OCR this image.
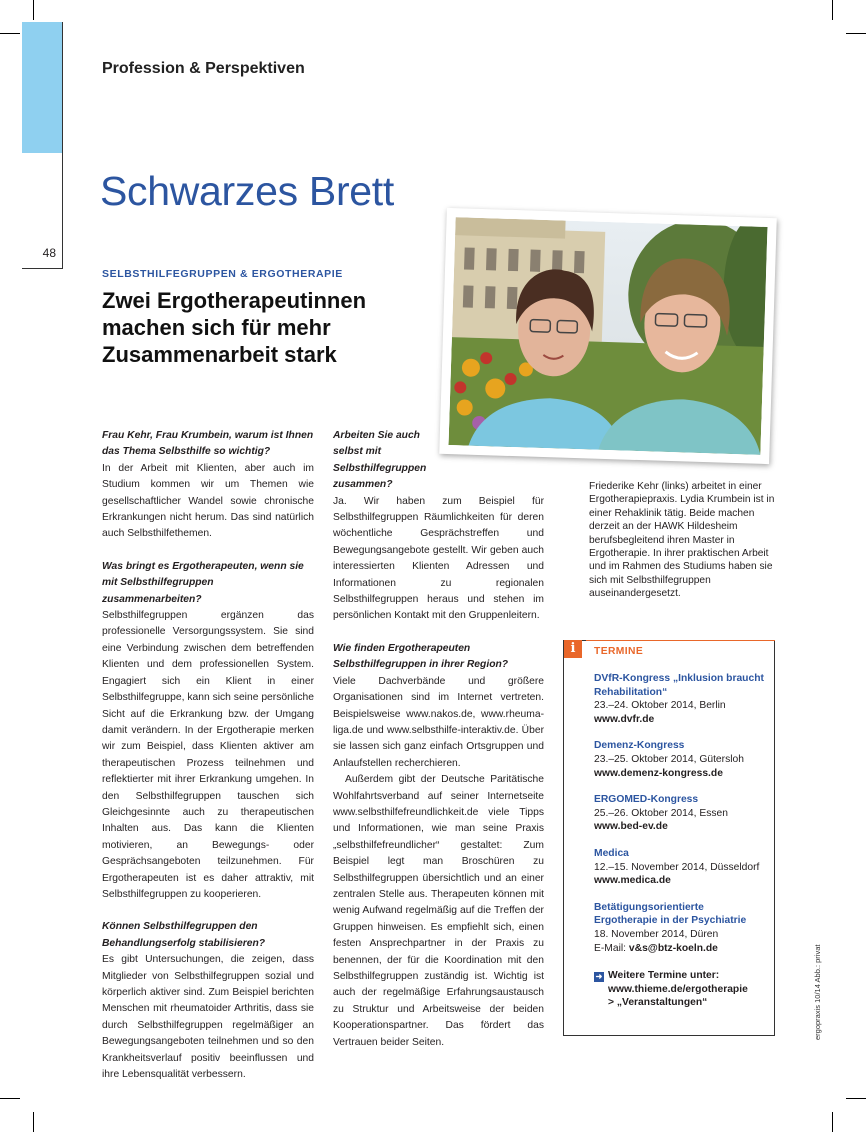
48
Profession & Perspektiven
Schwarzes Brett
SELBSTHILFEGRUPPEN & ERGOTHERAPIE
Zwei Ergotherapeutinnen machen sich für mehr Zusammenarbeit stark

Friederike Kehr (links) arbeitet in einer Ergotherapiepraxis. Lydia Krumbein ist in einer Rehaklinik tätig. Beide machen derzeit an der HAWK Hildesheim berufsbegleitend ihren Master in Ergotherapie. In ihrer praktischen Arbeit und im Rahmen des Studiums haben sie sich mit Selbsthilfegruppen auseinandergesetzt.

Frau Kehr, Frau Krumbein, warum ist Ihnen das Thema Selbsthilfe so wichtig?

In der Arbeit mit Klienten, aber auch im Studium kommen wir um Themen wie gesellschaftlicher Wandel sowie chronische Erkrankungen nicht herum. Das sind natürlich auch Selbsthilfethemen.

Was bringt es Ergotherapeuten, wenn sie mit Selbsthilfegruppen zusammenarbeiten?

Selbsthilfegruppen ergänzen das professionelle Versorgungssystem. Sie sind eine Verbindung zwischen dem betreffenden Klienten und dem professionellen System. Engagiert sich ein Klient in einer Selbsthilfegruppe, kann sich seine persönliche Sicht auf die Erkrankung bzw. der Umgang damit verändern. In der Ergotherapie merken wir zum Beispiel, dass Klienten aktiver am therapeutischen Prozess teilnehmen und reflektierter mit ihrer Erkrankung umgehen. In den Selbsthilfegruppen tauschen sich Gleichgesinnte auch zu therapeutischen Inhalten aus. Das kann die Klienten motivieren, an Bewegungs- oder Gesprächsangeboten teilzunehmen. Für Ergotherapeuten ist es daher attraktiv, mit Selbsthilfegruppen zu kooperieren.

Können Selbsthilfegruppen den Behandlungserfolg stabilisieren?

Es gibt Untersuchungen, die zeigen, dass Mitglieder von Selbsthilfegruppen sozial und körperlich aktiver sind. Zum Beispiel berichten Menschen mit rheumatoider Arthritis, dass sie durch Selbsthilfegruppen regelmäßiger an Bewegungsangeboten teilnehmen und so den Krankheitsverlauf positiv beeinflussen und ihre Lebensqualität verbessern.

Arbeiten Sie auch selbst mit Selbsthilfegruppen zusammen?

Ja. Wir haben zum Beispiel für Selbsthilfegruppen Räumlichkeiten für deren wöchentliche Gesprächstreffen und Bewegungsangebote gestellt. Wir geben auch interessierten Klienten Adressen und Informationen zu regionalen Selbsthilfegruppen heraus und stehen im persönlichen Kontakt mit den Gruppenleitern.

Wie finden Ergotherapeuten Selbsthilfegruppen in ihrer Region?

Viele Dachverbände und größere Organisationen sind im Internet vertreten. Beispielsweise www.nakos.de, www.rheuma-liga.de und www.selbsthilfe-interaktiv.de. Über sie lassen sich ganz einfach Ortsgruppen und Anlaufstellen recherchieren.

Außerdem gibt der Deutsche Paritätische Wohlfahrtsverband auf seiner Internetseite www.selbsthilfefreundlichkeit.de viele Tipps und Informationen, wie man seine Praxis „selbsthilfefreundlicher“ gestaltet: Zum Beispiel legt man Broschüren zu Selbsthilfegruppen übersichtlich und an einer zentralen Stelle aus. Therapeuten können mit wenig Aufwand regelmäßig auf die Treffen der Gruppen hinweisen. Es empfiehlt sich, einen festen Ansprechpartner in der Praxis zu benennen, der für die Koordination mit den Selbsthilfegruppen zuständig ist. Wichtig ist auch der regelmäßige Erfahrungsaustausch zu Struktur und Arbeitsweise der beiden Kooperationspartner. Das fördert das Vertrauen beider Seiten.

i	TERMINE
DVfR-Kongress „Inklusion braucht Rehabilitation“
23.–24. Oktober 2014, Berlin
www.dvfr.de
Demenz-Kongress
23.–25. Oktober 2014, Gütersloh
www.demenz-kongress.de
ERGOMED-Kongress
25.–26. Oktober 2014, Essen
www.bed-ev.de
Medica
12.–15. November 2014, Düsseldorf
www.medica.de
Betätigungsorientierte Ergotherapie in der Psychiatrie
18. November 2014, Düren
E-Mail: v&s@btz-koeln.de
➜ Weitere Termine unter:
www.thieme.de/ergotherapie
> „Veranstaltungen“	ergopraxis 10/14 Abb.: privat
